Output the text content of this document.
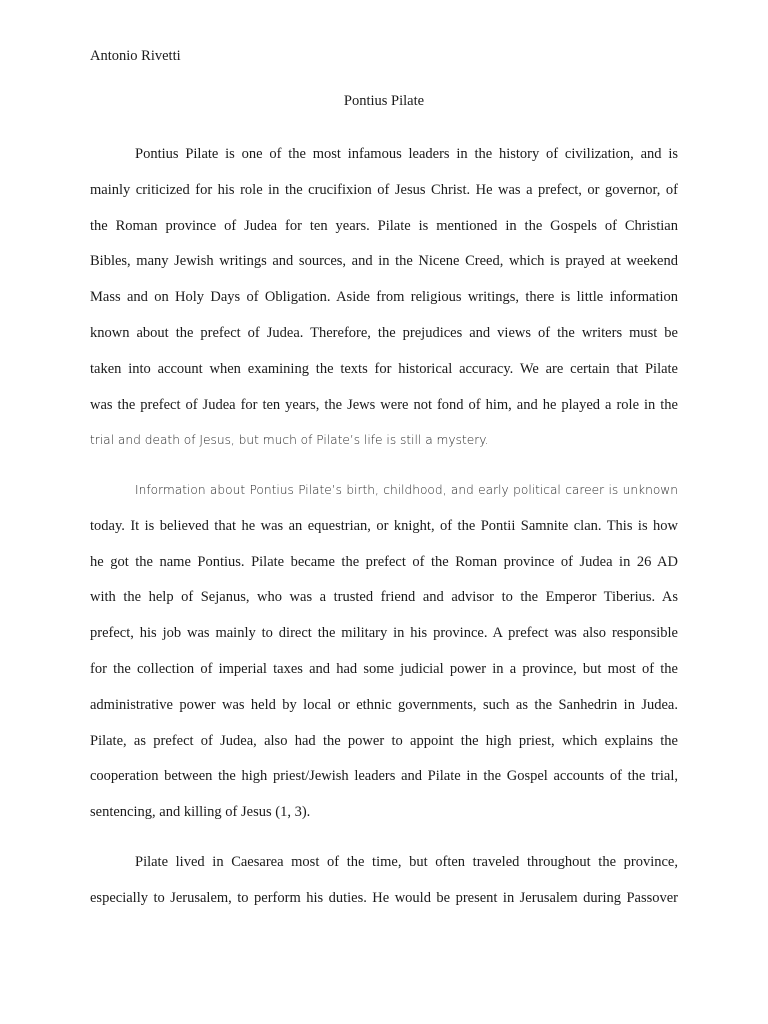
Antonio Rivetti
Pontius Pilate
Pontius Pilate is one of the most infamous leaders in the history of civilization, and is
mainly criticized for his role in the crucifixion of Jesus Christ. He was a prefect, or governor, of
the Roman province of Judea for ten years. Pilate is mentioned in the Gospels of Christian
Bibles, many Jewish writings and sources, and in the Nicene Creed, which is prayed at weekend
Mass and on Holy Days of Obligation. Aside from religious writings, there is little information
known about the prefect of Judea. Therefore, the prejudices and views of the writers must be
taken into account when examining the texts for historical accuracy. We are certain that Pilate
was the prefect of Judea for ten years, the Jews were not fond of him, and he played a role in the
trial and death of Jesus, but much of Pilate’s life is still a mystery.
Information about Pontius Pilate’s birth, childhood, and early political career is unknown
today. It is believed that he was an equestrian, or knight, of the Pontii Samnite clan. This is how
he got the name Pontius. Pilate became the prefect of the Roman province of Judea in 26 AD
with the help of Sejanus, who was a trusted friend and advisor to the Emperor Tiberius. As
prefect, his job was mainly to direct the military in his province. A prefect was also responsible
for the collection of imperial taxes and had some judicial power in a province, but most of the
administrative power was held by local or ethnic governments, such as the Sanhedrin in Judea.
Pilate, as prefect of Judea, also had the power to appoint the high priest, which explains the
cooperation between the high priest/Jewish leaders and Pilate in the Gospel accounts of the trial,
sentencing, and killing of Jesus (1, 3).
Pilate lived in Caesarea most of the time, but often traveled throughout the province,
especially to Jerusalem, to perform his duties. He would be present in Jerusalem during Passover
